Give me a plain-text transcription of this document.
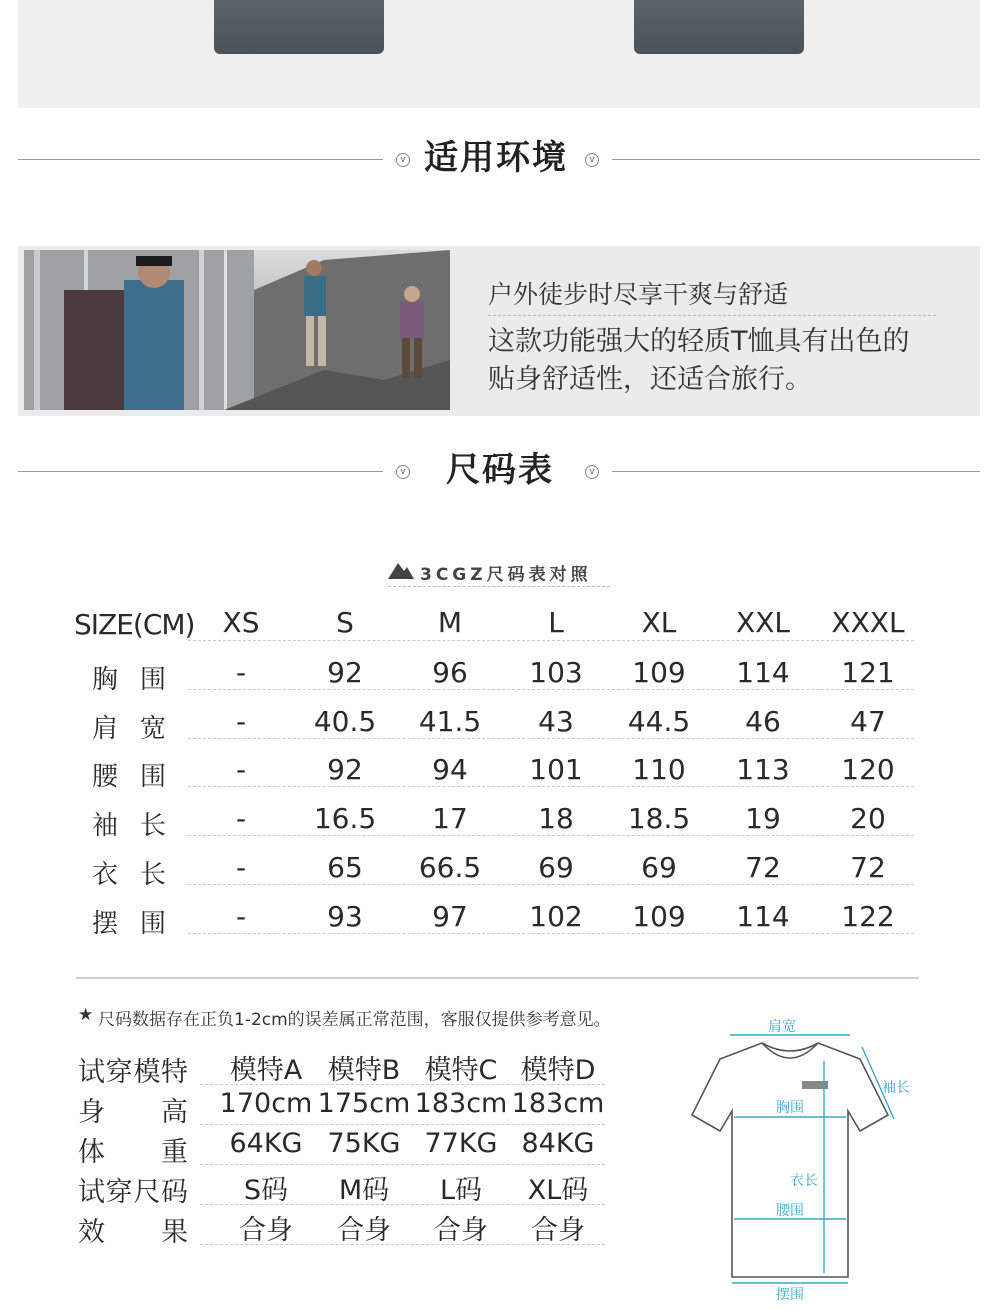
v 适用环境	v
户外徒步时尽享干爽与舒适
这款功能强大的轻质T恤具有出色的
贴身舒适性，还适合旅行。
v 尺码表	v
3CGZ尺码表对照
SIZE(CM)	XS	S	M	L	XL	XXL	XXXL
胸围	-	92	96	103	109	114	121
肩宽	-	40.5	41.5	43	44.5	46	47
腰围	-	92	94	101	110	113	120
袖长	-	16.5	17	18	18.5	19	20
衣长	-	65	66.5	69	69	72	72
摆围	-	93	97	102	109	114	122
★ 尺码数据存在正负1-2cm的误差属正常范围，客服仅提供参考意见。
试穿模特	模特A 模特B 模特C 模特D
身　高 170cm 175cm 183cm 183cm
体　重	64KG 75KG 77KG 84KG
试穿尺码	S码	M码	L码	XL码
效　果	合身	合身	合身	合身
肩宽
袖长
胸围
衣长
腰围
摆围
